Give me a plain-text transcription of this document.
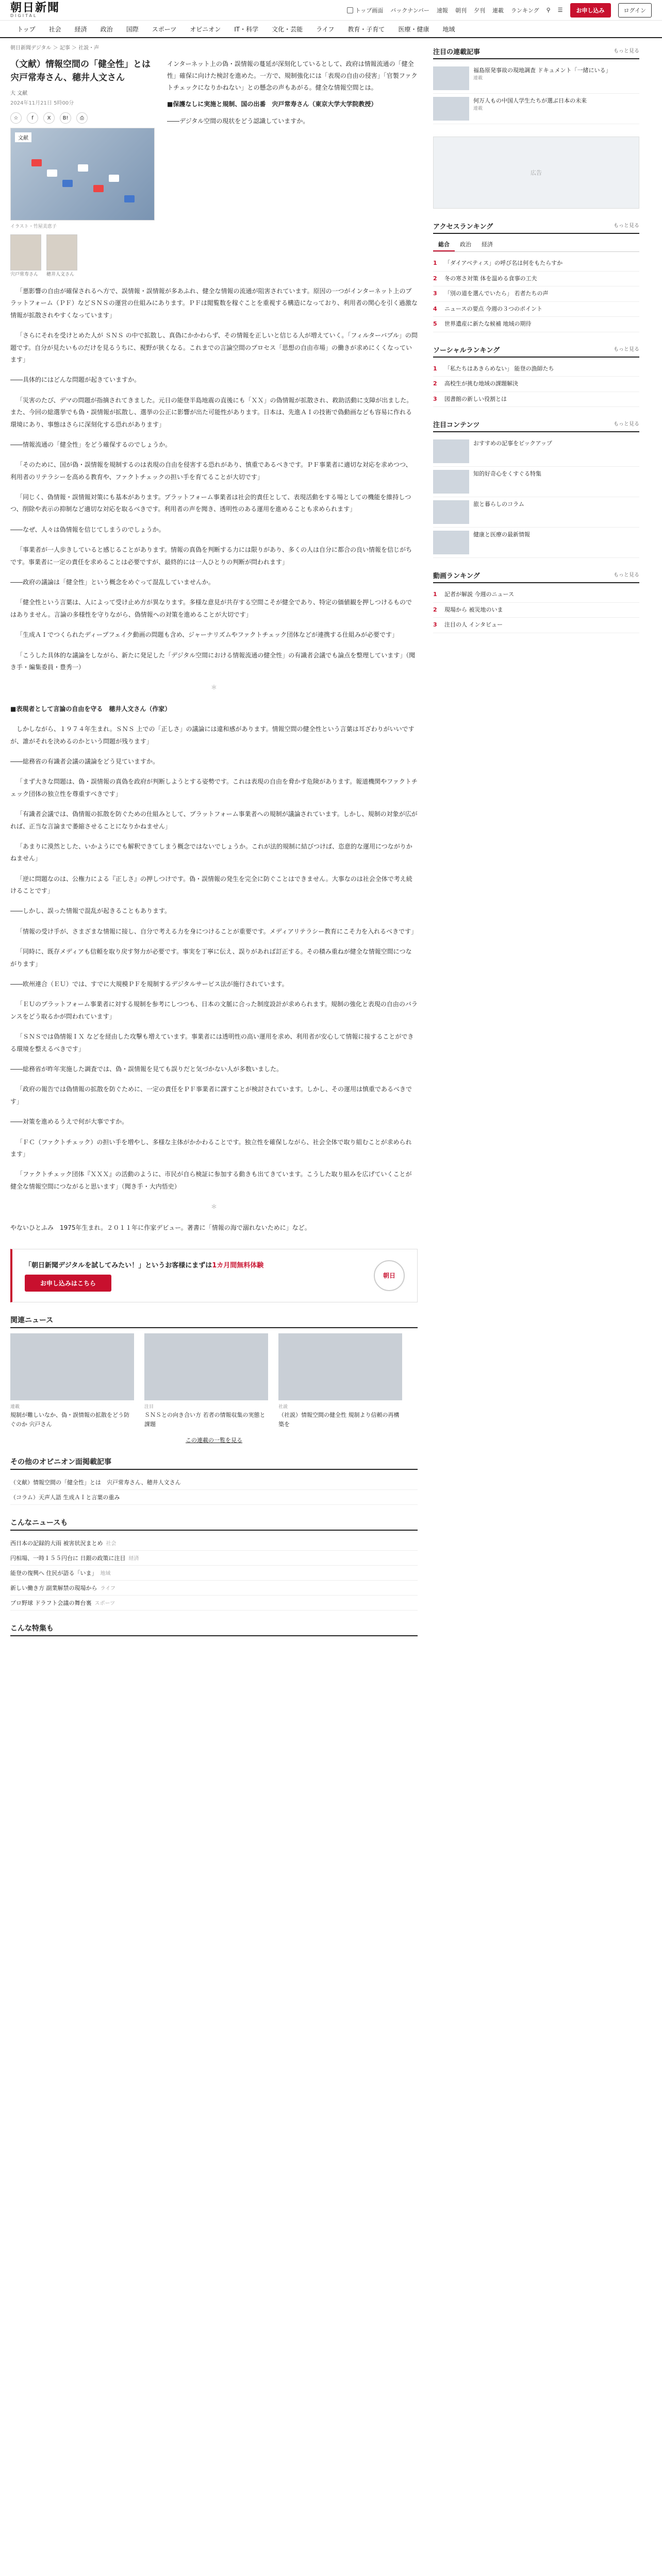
朝日新聞
DIGITAL
トップ画面 バックナンバー 速報 朝刊 夕刊 連載 ランキング ⚲ ☰	お申し込み	ログイン
トップ	社会	経済	政治	国際	スポーツ	オピニオン	IT・科学	文化・芸能	ライフ	教育・子育て	医療・健康	地域
朝日新聞デジタル ＞ 記事 ＞ 社説・声
（文献）情報空間の「健全性」とは　宍戸常寿さん、穂井人文さん
大 文献
2024年11月21日 5時00分
☆	f	X	B!	⎙
文献
イラスト・竹屋美恵子
宍戸常寿さん	穂井人文さん

インターネット上の偽・誤情報の蔓延が深刻化しているとして、政府は情報流通の「健全性」確保に向けた検討を進めた。一方で、規制強化には「表現の自由の侵害」「官製ファクトチェックになりかねない」との懸念の声もあがる。健全な情報空間とは。

■保護なしに実施と規制、国の出番　宍戸常寿さん（東京大学大学院教授）

――デジタル空間の現状をどう認識していますか。

「悪影響の自由が確保されるへ方で、誤情報・誤情報が多あふれ、健全な情報の流通が阻害されています。原因の一つがインターネット上のプラットフォーム（ＰＦ）などＳＮＳの運営の仕組みにあります。ＰＦは閲覧数を稼ぐことを重視する構造になっており、利用者の関心を引く過激な情報が拡散されやすくなっています」

「さらにそれを受けとめた人が ＳＮＳ の中で拡散し、真偽にかかわらず、その情報を正しいと信じる人が増えていく。「フィルターバブル」の問題です。自分が見たいものだけを見るうちに、視野が狭くなる。これまでの言論空間のプロセス「思想の自由市場」の働きが求めにくくなっています」

――具体的にはどんな問題が起きていますか。

「災害のたび、デマの問題が指摘されてきました。元日の能登半島地震の直後にも「ＸＸ」の偽情報が拡散され、救助活動に支障が出ました。また、今回の総選挙でも偽・誤情報が拡散し、選挙の公正に影響が出た可能性があります。日本は、先進ＡＩの技術で偽動画なども容易に作れる環境にあり、事態はさらに深刻化する恐れがあります」

――情報流通の「健全性」をどう確保するのでしょうか。

「そのために、国が偽・誤情報を規制するのは表現の自由を侵害する恐れがあり、慎重であるべきです。ＰＦ事業者に適切な対応を求めつつ、利用者のリテラシーを高める教育や、ファクトチェックの担い手を育てることが大切です」

「同じく、偽情報・誤情報対策にも基本があります。プラットフォーム事業者は社会的責任として、表現活動をする場としての機能を維持しつつ、削除や表示の抑制など適切な対応を取るべきです。利用者の声を聞き、透明性のある運用を進めることも求められます」

――なぜ、人々は偽情報を信じてしまうのでしょうか。

「事業者が一人歩きしていると感じることがあります。情報の真偽を判断する力には限りがあり、多くの人は自分に都合の良い情報を信じがちです。事業者に一定の責任を求めることは必要ですが、最終的には一人ひとりの判断が問われます」

――政府の議論は「健全性」という概念をめぐって混乱していませんか。

「健全性という言葉は、人によって受け止め方が異なります。多様な意見が共存する空間こそが健全であり、特定の価値観を押しつけるものではありません。言論の多様性を守りながら、偽情報への対策を進めることが大切です」

「生成ＡＩでつくられたディープフェイク動画の問題も含め、ジャーナリズムやファクトチェック団体などが連携する仕組みが必要です」

「こうした具体的な議論をしながら、新たに発足した「デジタル空間における情報流通の健全性」の有識者会議でも論点を整理しています」（聞き手・編集委員・豊秀一）

＊

■表現者として言論の自由を守る　穂井人文さん（作家）

しかしながら、１９７４年生まれ。ＳＮＳ 上での「正しさ」の議論には違和感があります。情報空間の健全性という言葉は耳ざわりがいいですが、誰がそれを決めるのかという問題が残ります」

――総務省の有識者会議の議論をどう見ていますか。

「まず大きな問題は、偽・誤情報の真偽を政府が判断しようとする姿勢です。これは表現の自由を脅かす危険があります。報道機関やファクトチェック団体の独立性を尊重すべきです」

「有識者会議では、偽情報の拡散を防ぐための仕組みとして、プラットフォーム事業者への規制が議論されています。しかし、規制の対象が広がれば、正当な言論まで萎縮させることになりかねません」

「あまりに漠然とした、いかようにでも解釈できてしまう概念ではないでしょうか。これが法的規制に結びつけば、恣意的な運用につながりかねません」

「逆に問題なのは、公権力による『正しさ』の押しつけです。偽・誤情報の発生を完全に防ぐことはできません。大事なのは社会全体で考え続けることです」

――しかし、誤った情報で混乱が起きることもあります。

「情報の受け手が、さまざまな情報に接し、自分で考える力を身につけることが重要です。メディアリテラシー教育にこそ力を入れるべきです」

「同時に、既存メディアも信頼を取り戻す努力が必要です。事実を丁寧に伝え、誤りがあれば訂正する。その積み重ねが健全な情報空間につながります」

――欧州連合（ＥＵ）では、すでに大規模ＰＦを規制するデジタルサービス法が施行されています。

「ＥＵのプラットフォーム事業者に対する規制を参考にしつつも、日本の文脈に合った制度設計が求められます。規制の強化と表現の自由のバランスをどう取るかが問われています」

「ＳＮＳでは偽情報ＩＸ などを経由した攻撃も増えています。事業者には透明性の高い運用を求め、利用者が安心して情報に接することができる環境を整えるべきです」

――総務省が昨年実施した調査では、偽・誤情報を見ても誤りだと気づかない人が多数いました。

「政府の報告では偽情報の拡散を防ぐために、一定の責任をＰＦ事業者に課すことが検討されています。しかし、その運用は慎重であるべきです」

――対策を進めるうえで何が大事ですか。

「ＦＣ（ファクトチェック）の担い手を増やし、多様な主体がかかわることです。独立性を確保しながら、社会全体で取り組むことが求められます」

「ファクトチェック団体『ＸＸＸ』の活動のように、市民が自ら検証に参加する動きも出てきています。こうした取り組みを広げていくことが健全な情報空間につながると思います」（聞き手・大内悟史）

＊

やないひとふみ　1975年生まれ。２０１１年に作家デビュー。著書に「情報の海で溺れないために」など。

「朝日新聞デジタルを試してみたい！」というお客様にまずは1カ月間無料体験
お申し込みはこちら
朝日
関連ニュース
連載
規制が難しいなか、偽・誤情報の拡散をどう防ぐのか 宍戸さん
注目
ＳＮＳとの向き合い方 若者の情報収集の実態と課題
社説
（社説）情報空間の健全性 規制より信頼の再構築を
この連載の一覧を見る
その他のオピニオン面掲載記事
（文献）情報空間の「健全性」とは　宍戸常寿さん、穂井人文さん
（コラム）天声人語 生成ＡＩと言葉の重み
こんなニュースも
西日本の記録的大雨 被害状況まとめ 社会
円相場、一時１５５円台に 日銀の政策に注目 経済
能登の復興へ 住民が語る「いま」 地域
新しい働き方 副業解禁の現場から ライフ
プロ野球 ドラフト会議の舞台裏 スポーツ
こんな特集も
注目の連載記事	もっと見る
福島原発事故の現地調査 ドキュメント「一緒にいる」
連載
何万人もの中国人学生たちが選ぶ日本の未来
連載
広告
アクセスランキング	もっと見る
総合	政治	経済
1	「ダイアベティス」の呼び名は何をもたらすか
2	冬の寒さ対策 体を温める食事の工夫
3	「別の道を選んでいたら」 若者たちの声
4	ニュースの要点 今週の３つのポイント
5	世界遺産に新たな候補 地域の期待
ソーシャルランキング	もっと見る
1	「私たちはあきらめない」 能登の漁師たち
2	高校生が挑む地域の課題解決
3	図書館の新しい役割とは
注目コンテンツ	もっと見る
おすすめの記事をピックアップ
知的好奇心をくすぐる特集
旅と暮らしのコラム
健康と医療の最新情報
動画ランキング	もっと見る
1	記者が解説 今週のニュース
2	現場から 被災地のいま
3	注目の人 インタビュー
